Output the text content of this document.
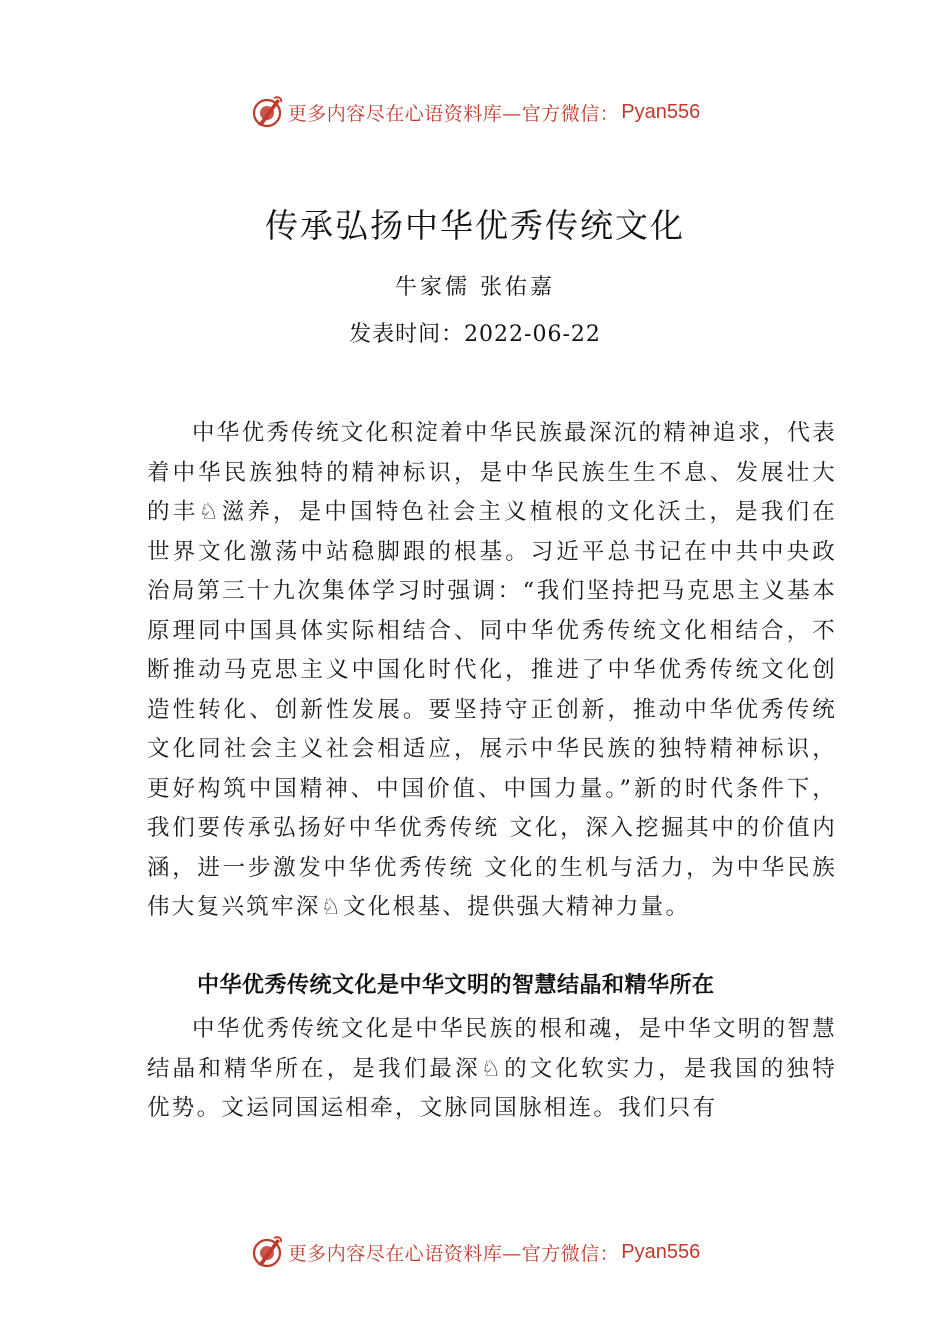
更多内容尽在心语资料库—官方微信： Pyan556
传承弘扬中华优秀传统文化
牛家儒 张佑嘉
发表时间：2022-06-22

中华优秀传统文化积淀着中华民族最深沉的精神追求，代表着中华民族独特的精神标识，是中华民族生生不息、发展壮大的丰♘滋养，是中国特色社会主义植根的文化沃土，是我们在世界文化激荡中站稳脚跟的根基。习近平总书记在中共中央政治局第三十九次集体学习时强调：“我们坚持把马克思主义基本原理同中国具体实际相结合、同中华优秀传统文化相结合，不断推动马克思主义中国化时代化，推进了中华优秀传统文化创造性转化、创新性发展。要坚持守正创新，推动中华优秀传统文化同社会主义社会相适应，展示中华民族的独特精神标识，更好构筑中国精神、中国价值、中国力量。”新的时代条件下，我们要传承弘扬好中华优秀传统 文化，深入挖掘其中的价值内涵，进一步激发中华优秀传统 文化的生机与活力，为中华民族伟大复兴筑牢深♘文化根基、提供强大精神力量。

中华优秀传统文化是中华文明的智慧结晶和精华所在

中华优秀传统文化是中华民族的根和魂，是中华文明的智慧结晶和精华所在，是我们最深♘的文化软实力，是我国的独特优势。文运同国运相牵，文脉同国脉相连。我们只有

更多内容尽在心语资料库—官方微信： Pyan556
